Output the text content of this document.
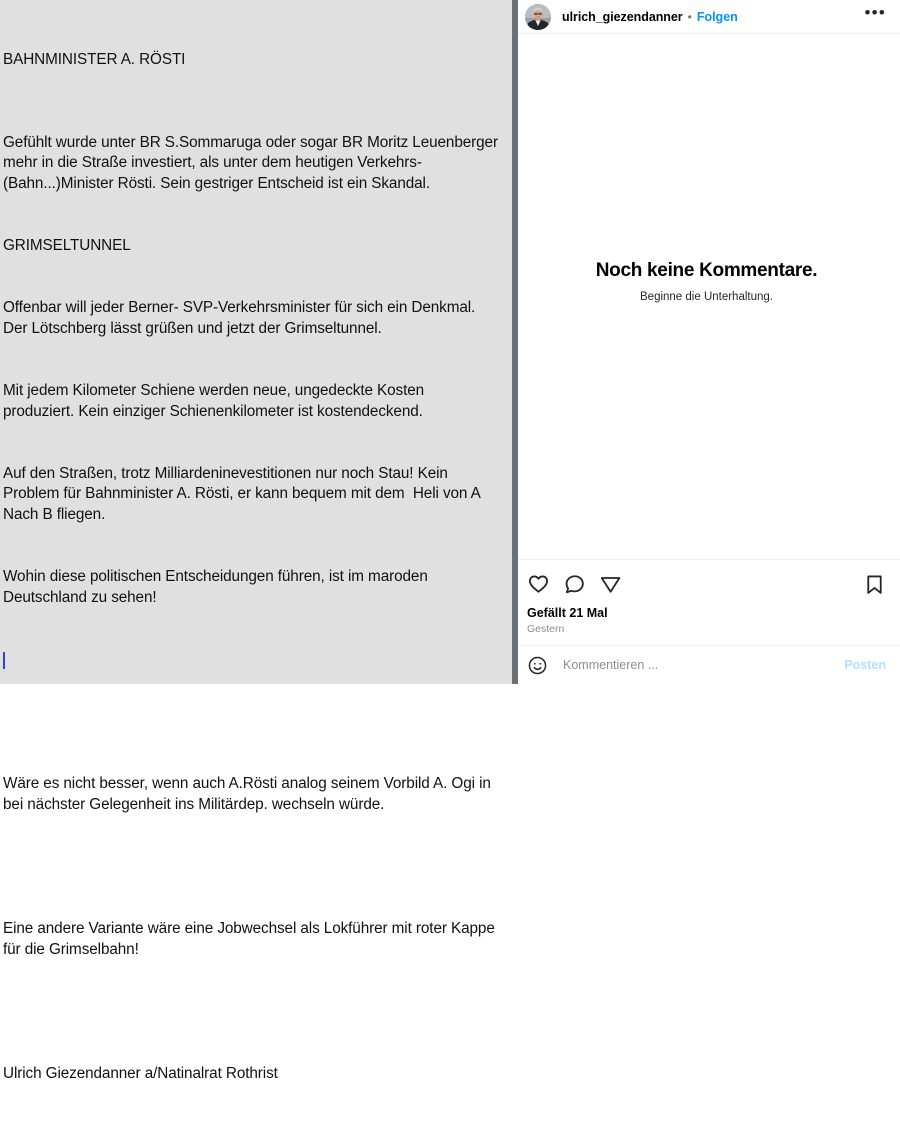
BAHNMINISTER A. RÖSTI

Gefühlt wurde unter BR S.Sommaruga oder sogar BR Moritz Leuenberger mehr in die Straße investiert, als unter dem heutigen Verkehrs- (Bahn...)Minister Rösti. Sein gestriger Entscheid ist ein Skandal.

GRIMSELTUNNEL

Offenbar will jeder Berner- SVP-Verkehrsminister für sich ein Denkmal. Der Lötschberg lässt grüßen und jetzt der Grimseltunnel.

Mit jedem Kilometer Schiene werden neue, ungedeckte Kosten produziert. Kein einziger Schienenkilometer ist kostendeckend.

Auf den Straßen, trotz Milliardeninevestitionen nur noch Stau! Kein Problem für Bahnminister A. Rösti, er kann bequem mit dem  Heli von A Nach B fliegen.

Wohin diese politischen Entscheidungen führen, ist im maroden Deutschland zu sehen!

Wäre es nicht besser, wenn auch A.Rösti analog seinem Vorbild A. Ogi in bei nächster Gelegenheit ins Militärdep. wechseln würde.

Eine andere Variante wäre eine Jobwechsel als Lokführer mit roter Kappe für die Grimselbahn!

Ulrich Giezendanner a/Natinalrat Rothrist

ulrich_giezendanner • Folgen	•••
Noch keine Kommentare.
Beginne die Unterhaltung.
Gefällt 21 Mal
Gestern
Kommentieren ...
Posten
